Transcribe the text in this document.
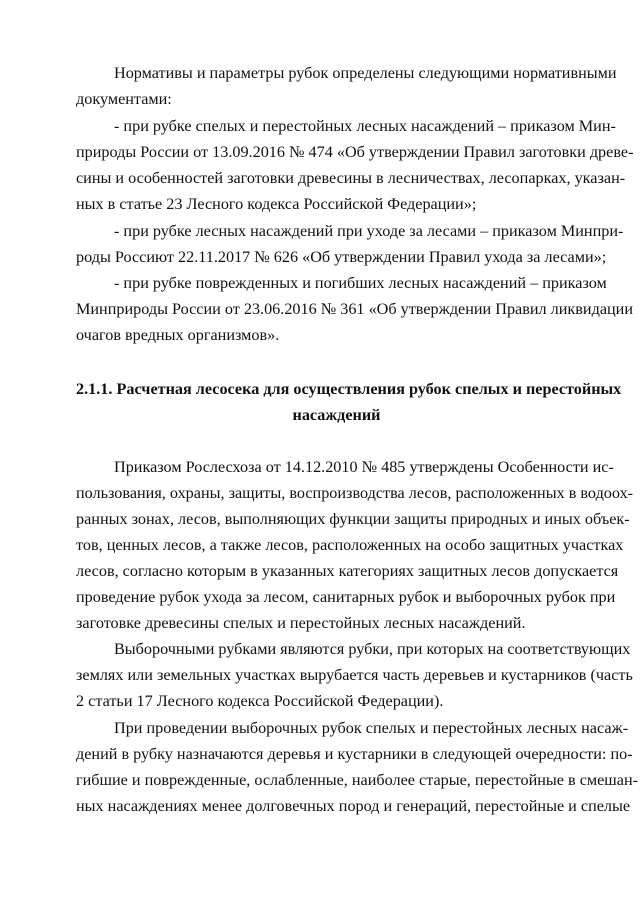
Нормативы и параметры рубок определены следующими нормативными
документами:
- при рубке спелых и перестойных лесных насаждений – приказом Мин-
природы России от 13.09.2016 № 474 «Об утверждении Правил заготовки древе-
сины и особенностей заготовки древесины в лесничествах, лесопарках, указан-
ных в статье 23 Лесного кодекса Российской Федерации»;
- при рубке лесных насаждений при уходе за лесами – приказом Минпри-
роды Россиют 22.11.2017 № 626 «Об утверждении Правил ухода за лесами»;
- при рубке поврежденных и погибших лесных насаждений – приказом
Минприроды России от 23.06.2016 № 361 «Об утверждении Правил ликвидации
очагов вредных организмов».
2.1.1. Расчетная лесосека для осуществления рубок спелых и перестойных
насаждений
Приказом Рослесхоза от 14.12.2010 № 485 утверждены Особенности ис-
пользования, охраны, защиты, воспроизводства лесов, расположенных в водоох-
ранных зонах, лесов, выполняющих функции защиты природных и иных объек-
тов, ценных лесов, а также лесов, расположенных на особо защитных участках
лесов, согласно которым в указанных категориях защитных лесов допускается
проведение рубок ухода за лесом, санитарных рубок и выборочных рубок при
заготовке древесины спелых и перестойных лесных насаждений.
Выборочными рубками являются рубки, при которых на соответствующих
землях или земельных участках вырубается часть деревьев и кустарников (часть
2 статьи 17 Лесного кодекса Российской Федерации).
При проведении выборочных рубок спелых и перестойных лесных насаж-
дений в рубку назначаются деревья и кустарники в следующей очередности: по-
гибшие и поврежденные, ослабленные, наиболее старые, перестойные в смешан-
ных насаждениях менее долговечных пород и генераций, перестойные и спелые
